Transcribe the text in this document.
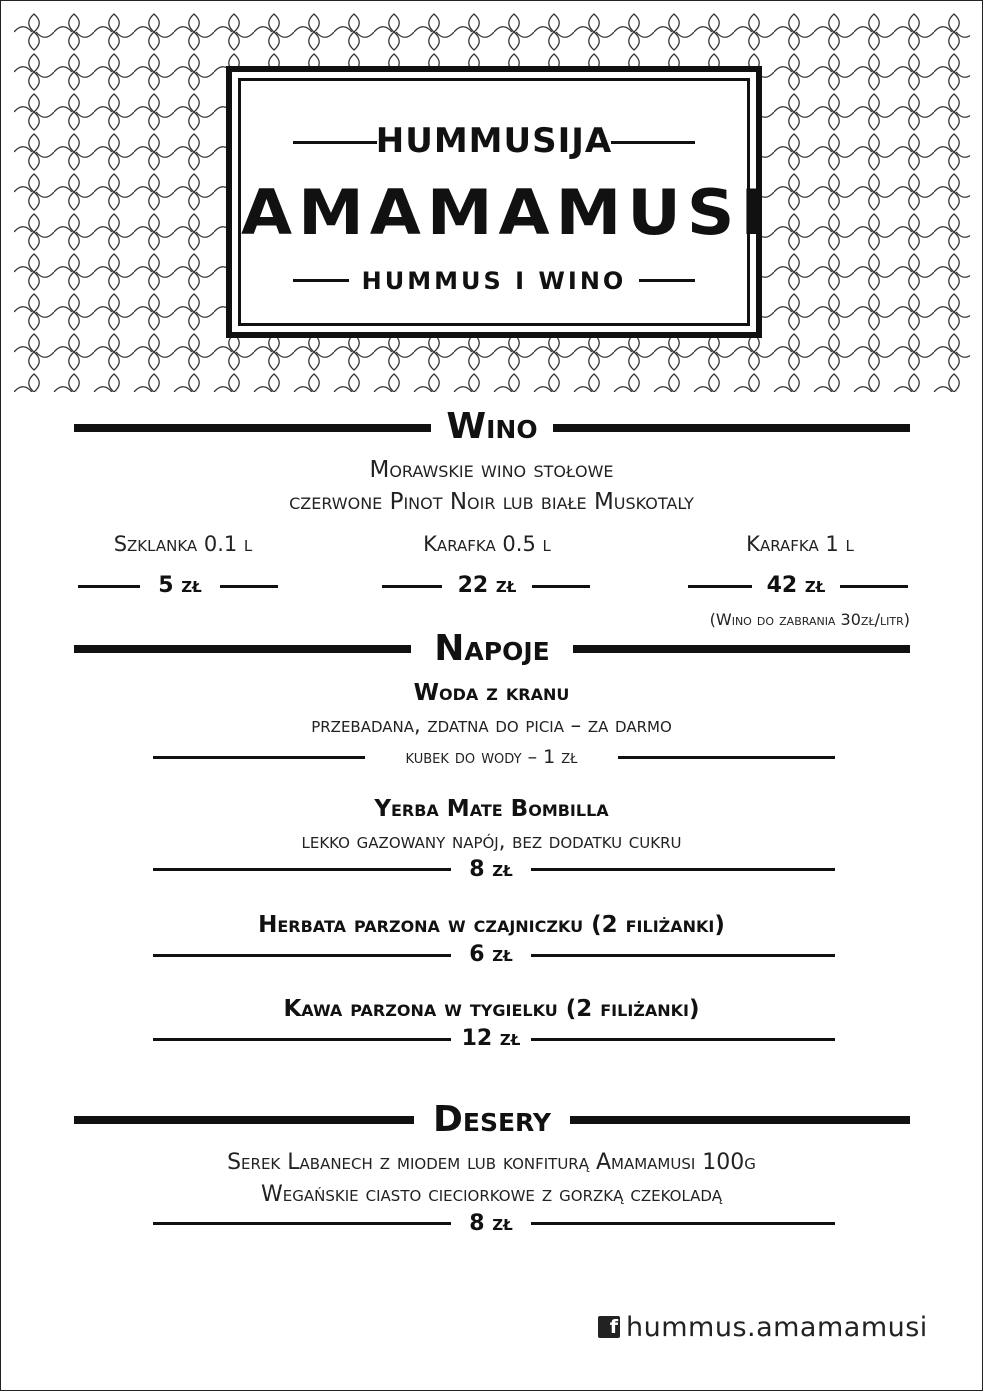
HUMMUSIJA
AMAMAMUSI
HUMMUS I WINO
Wino
Morawskie wino stołowe
czerwone Pinot Noir lub białe Muskotaly
Szklanka 0.1 l	Karafka 0.5 l	Karafka 1 l
5 zł	22 zł	42 zł
(Wino do zabrania 30zł/litr)
Napoje
Woda z kranu
przebadana, zdatna do picia – za darmo
kubek do wody – 1 zł
Yerba Mate Bombilla
lekko gazowany napój, bez dodatku cukru
8 zł
Herbata parzona w czajniczku (2 filiżanki)
6 zł
Kawa parzona w tygielku (2 filiżanki)
12 zł
Desery
Serek Labanech z miodem lub konfiturą Amamamusi 100g
Wegańskie ciasto cieciorkowe z gorzką czekoladą
8 zł
f hummus.amamamusi
